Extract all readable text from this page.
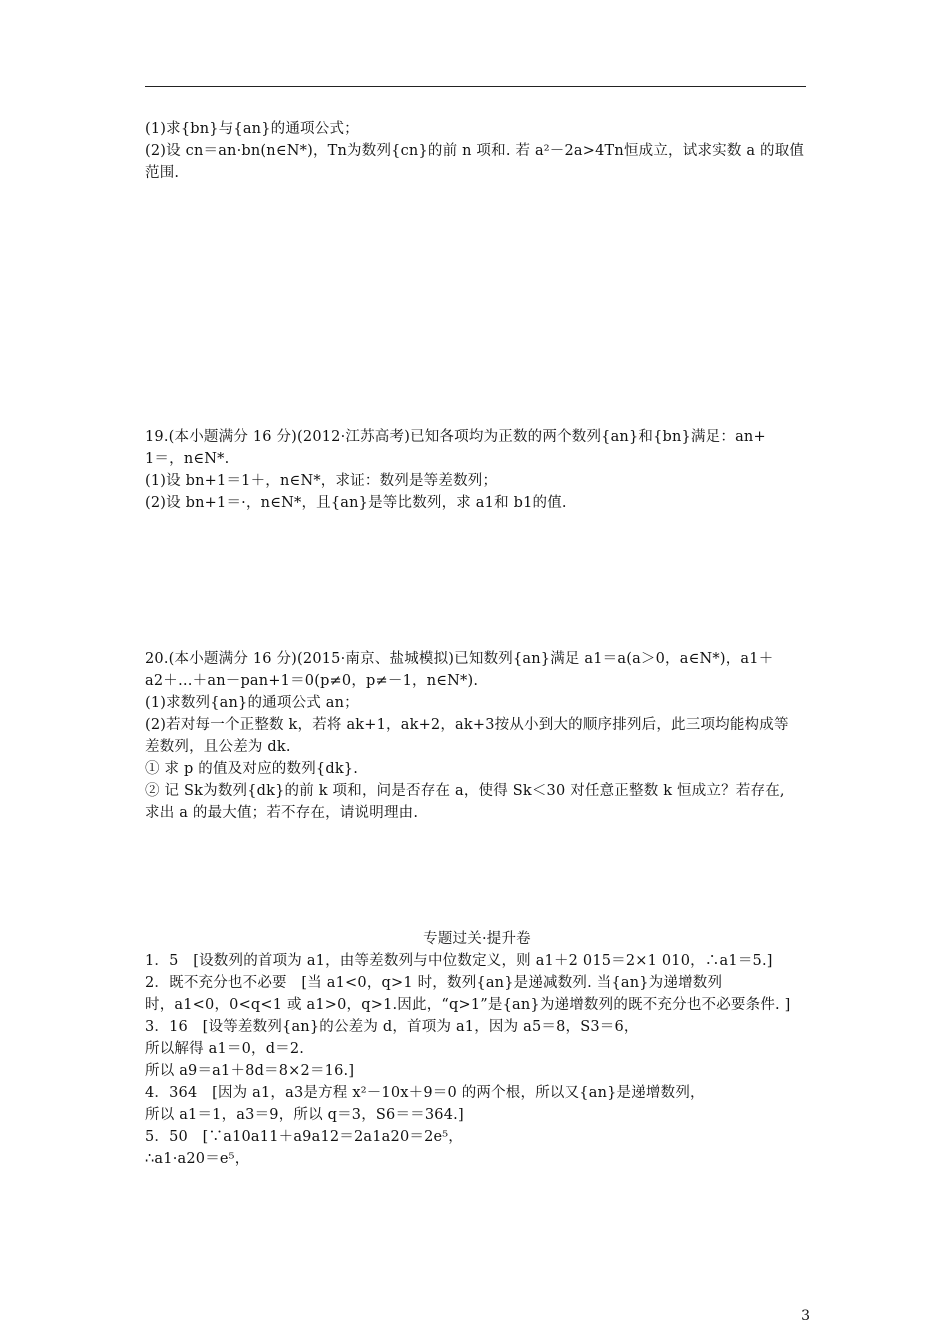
(1)求{bn}与{an}的通项公式；
(2)设 cn＝an·bn(n∈N*)，Tn为数列{cn}的前 n 项和. 若 a²－2a>4Tn恒成立，试求实数 a 的取值
范围.
19.(本小题满分 16 分)(2012·江苏高考)已知各项均为正数的两个数列{an}和{bn}满足：an+
1＝，n∈N*.
(1)设 bn+1＝1＋，n∈N*，求证：数列是等差数列；
(2)设 bn+1＝·，n∈N*，且{an}是等比数列，求 a1和 b1的值.
20.(本小题满分 16 分)(2015·南京、盐城模拟)已知数列{an}满足 a1＝a(a＞0，a∈N*)，a1＋
a2＋…＋an－pan+1＝0(p≠0，p≠－1，n∈N*).
(1)求数列{an}的通项公式 an；
(2)若对每一个正整数 k，若将 ak+1，ak+2，ak+3按从小到大的顺序排列后，此三项均能构成等
差数列，且公差为 dk.
① 求 p 的值及对应的数列{dk}.
② 记 Sk为数列{dk}的前 k 项和，问是否存在 a，使得 Sk＜30 对任意正整数 k 恒成立？若存在,
求出 a 的最大值；若不存在，请说明理由.
专题过关·提升卷
1．5　[设数列的首项为 a1，由等差数列与中位数定义，则 a1＋2 015＝2×1 010，∴a1＝5.]
2．既不充分也不必要　[当 a1<0，q>1 时，数列{an}是递减数列. 当{an}为递增数列
时，a1<0，0<q<1 或 a1>0，q>1.因此，“q>1”是{an}为递增数列的既不充分也不必要条件. ]
3．16　[设等差数列{an}的公差为 d，首项为 a1，因为 a5＝8，S3＝6，
所以解得 a1＝0，d＝2.
所以 a9＝a1＋8d＝8×2＝16.]
4．364　[因为 a1，a3是方程 x²－10x＋9＝0 的两个根，所以又{an}是递增数列，
所以 a1＝1，a3＝9，所以 q＝3，S6＝＝364.]
5．50　[∵a10a11＋a9a12＝2a1a20＝2e⁵，
∴a1·a20＝e⁵，
3
